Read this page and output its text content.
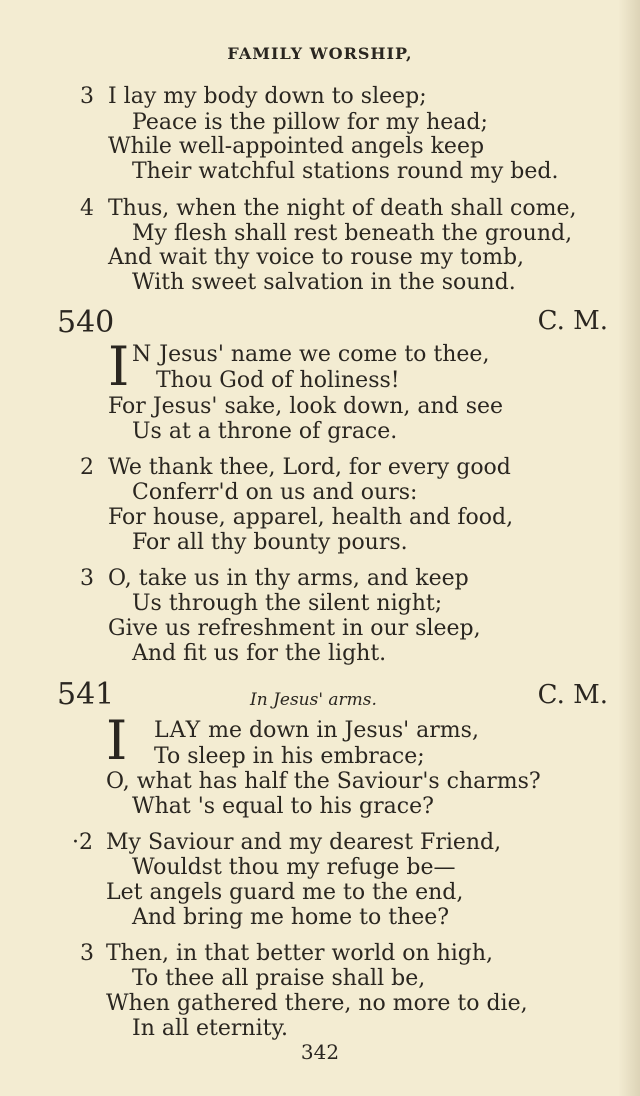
FAMILY WORSHIP,
3 I lay my body down to sleep;
Peace is the pillow for my head;
While well-appointed angels keep
Their watchful stations round my bed.
4 Thus, when the night of death shall come,
My flesh shall rest beneath the ground,
And wait thy voice to rouse my tomb,
With sweet salvation in the sound.
540	C. M.
I N Jesus' name we come to thee,
Thou God of holiness!
For Jesus' sake, look down, and see
Us at a throne of grace.
2 We thank thee, Lord, for every good
Conferr'd on us and ours:
For house, apparel, health and food,
For all thy bounty pours.
3 O, take us in thy arms, and keep
Us through the silent night;
Give us refreshment in our sleep,
And fit us for the light.
541	In Jesus' arms.	C. M.
I LAY me down in Jesus' arms,
To sleep in his embrace;
O, what has half the Saviour's charms?
What 's equal to his grace?
·2 My Saviour and my dearest Friend,
Wouldst thou my refuge be—
Let angels guard me to the end,
And bring me home to thee?
3 Then, in that better world on high,
To thee all praise shall be,
When gathered there, no more to die,
In all eternity.
342
